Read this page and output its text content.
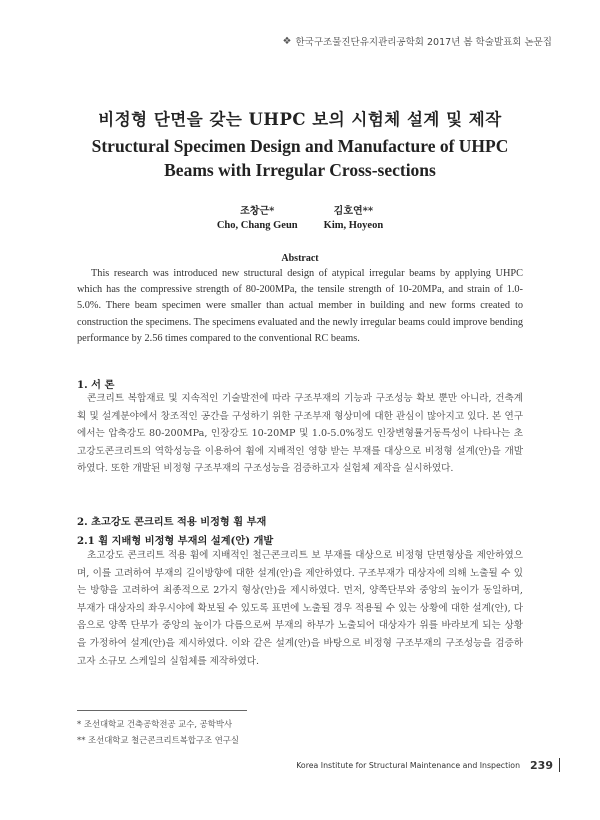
❖ 한국구조물진단유지관리공학회 2017년 봄 학술발표회 논문집
비정형 단면을 갖는 UHPC 보의 시험체 설계 및 제작
Structural Specimen Design and Manufacture of UHPC
Beams with Irregular Cross-sections
조창근*
Cho, Chang Geun
김호연**
Kim, Hoyeon
Abstract
This research was introduced new structural design of atypical irregular beams by applying UHPC which has the compressive strength of 80-200MPa, the tensile strength of 10-20MPa, and strain of 1.0-5.0%. There beam specimen were smaller than actual member in building and new forms created to construction the specimens. The specimens evaluated and the newly irregular beams could improve bending performance by 2.56 times compared to the conventional RC beams.
1. 서 론
콘크리트 복합재료 및 지속적인 기술발전에 따라 구조부재의 기능과 구조성능 확보 뿐만 아니라, 건축계획 및 설계분야에서 창조적인 공간을 구성하기 위한 구조부재 형상미에 대한 관심이 많아지고 있다. 본 연구에서는 압축강도 80-200MPa, 인장강도 10-20MP 및 1.0-5.0%정도 인장변형률거동특성이 나타나는 초고강도콘크리트의 역학성능을 이용하여 휨에 지배적인 영향 받는 부재를 대상으로 비정형 설계(안)을 개발하였다. 또한 개발된 비정형 구조부재의 구조성능을 검증하고자 실험체 제작을 실시하였다.
2. 초고강도 콘크리트 적용 비정형 휨 부재
2.1 휨 지배형 비정형 부재의 설계(안) 개발
초고강도 콘크리트 적용 휨에 지배적인 철근콘크리트 보 부재를 대상으로 비정형 단면형상을 제안하였으며, 이를 고려하여 부재의 길이방향에 대한 설계(안)을 제안하였다. 구조부재가 대상자에 의해 노출될 수 있는 방향을 고려하여 최종적으로 2가지 형상(안)을 제시하였다. 먼저, 양쪽단부와 중앙의 높이가 동일하며, 부재가 대상자의 좌우시야에 확보될 수 있도록 표면에 노출될 경우 적용될 수 있는 상황에 대한 설계(안), 다음으로 양쪽 단부가 중앙의 높이가 다름으로써 부재의 하부가 노출되어 대상자가 위를 바라보게 되는 상황을 가정하여 설계(안)을 제시하였다. 이와 같은 설계(안)을 바탕으로 비정형 구조부재의 구조성능을 검증하고자 소규모 스케일의 실험체를 제작하였다.
* 조선대학교 건축공학전공 교수, 공학박사
** 조선대학교 철근콘크리트복합구조 연구실
Korea Institute for Structural Maintenance and Inspection 239
